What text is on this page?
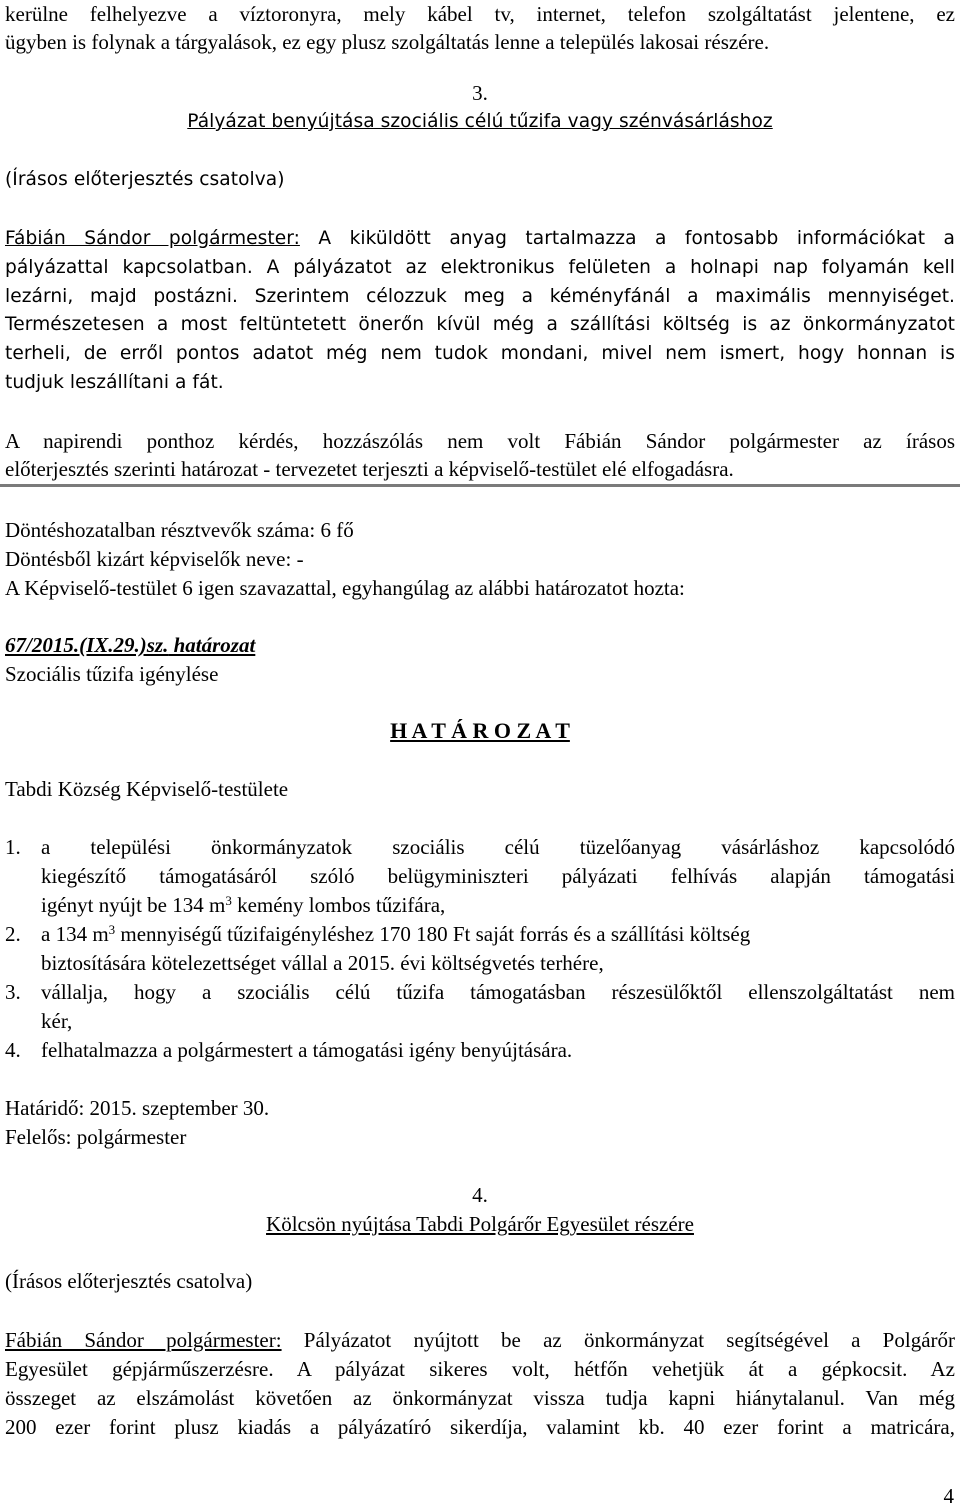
kerülne felhelyezve a víztoronyra, mely kábel tv, internet, telefon szolgáltatást jelentene, ez
ügyben is folynak a tárgyalások, ez egy plusz szolgáltatás lenne a település lakosai részére.
3.
Pályázat benyújtása szociális célú tűzifa vagy szénvásárláshoz
(Írásos előterjesztés csatolva)
Fábián Sándor polgármester: A kiküldött anyag tartalmazza a fontosabb információkat a
pályázattal kapcsolatban. A pályázatot az elektronikus felületen a holnapi nap folyamán kell
lezárni, majd postázni. Szerintem célozzuk meg a kéményfánál a maximális mennyiséget.
Természetesen a most feltüntetett önerőn kívül még a szállítási költség is az önkormányzatot
terheli, de erről pontos adatot még nem tudok mondani, mivel nem ismert, hogy honnan is
tudjuk leszállítani a fát.
A napirendi ponthoz kérdés, hozzászólás nem volt Fábián Sándor polgármester az írásos
előterjesztés szerinti határozat - tervezetet terjeszti a képviselő-testület elé elfogadásra.
Döntéshozatalban résztvevők száma: 6 fő
Döntésből kizárt képviselők neve: -
A Képviselő-testület 6 igen szavazattal, egyhangúlag az alábbi határozatot hozta:
67/2015.(IX.29.)sz. határozat
Szociális tűzifa igénylése
H A T Á R O Z A T
Tabdi Község Képviselő-testülete
1. a települési önkormányzatok szociális célú tüzelőanyag vásárláshoz kapcsolódó
kiegészítő támogatásáról szóló belügyminiszteri pályázati felhívás alapján támogatási
igényt nyújt be 134 $m^3$ kemény lombos tűzifára,
2. a 134 $m^3$ mennyiségű tűzifaigényléshez 170 180 Ft saját forrás és a szállítási költség
biztosítására kötelezettséget vállal a 2015. évi költségvetés terhére,
3. vállalja, hogy a szociális célú tűzifa támogatásban részesülőktől ellenszolgáltatást nem
kér,
4. felhatalmazza a polgármestert a támogatási igény benyújtására.
Határidő: 2015. szeptember 30.
Felelős: polgármester
4.
Kölcsön nyújtása Tabdi Polgárőr Egyesület részére
(Írásos előterjesztés csatolva)
Fábián Sándor polgármester: Pályázatot nyújtott be az önkormányzat segítségével a Polgárőr
Egyesület gépjárműszerzésre. A pályázat sikeres volt, hétfőn vehetjük át a gépkocsit. Az
összeget az elszámolást követően az önkormányzat vissza tudja kapni hiánytalanul. Van még
200 ezer forint plusz kiadás a pályázatíró sikerdíja, valamint kb. 40 ezer forint a matricára,
4
